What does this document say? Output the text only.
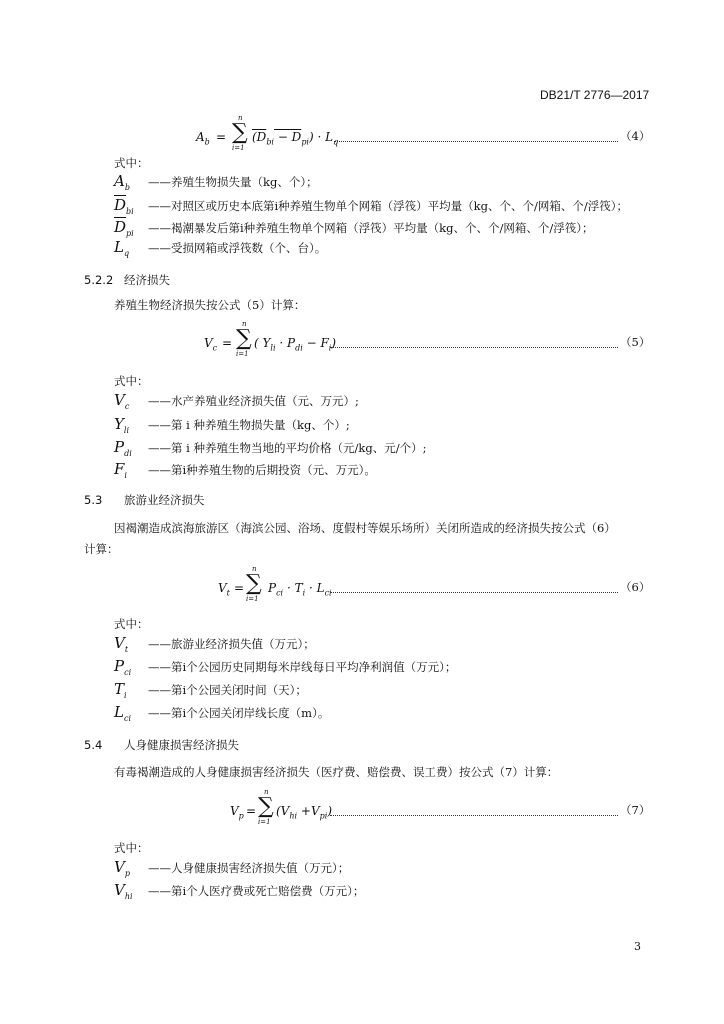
DB21/T 2776—2017
$A_b$ = ∑
n
i=1
$(D_{bi} - D_{pi}) \cdot L_q$	（4）
式中：
$A_b$ ——养殖生物损失量（kg、个）；
$\overline{D}_{bi}$ ——对照区或历史本底第i种养殖生物单个网箱（浮筏）平均量（kg、个、个/网箱、个/浮筏）；
$\overline{D}_{pi}$ ——褐潮暴发后第i种养殖生物单个网箱（浮筏）平均量（kg、个、个/网箱、个/浮筏）；
$L_q$ ——受损网箱或浮筏数（个、台）。
5.2.2 经济损失
养殖生物经济损失按公式（5）计算：
$V_c$ = ∑
n
i=1
( $Y_{li} \cdot P_{di} - F_i$)	（5）
式中：
$V_c$ ——水产养殖业经济损失值（元、万元）;
$Y_{li}$ ——第 i 种养殖生物损失量（kg、个）;
$P_{di}$ ——第 i 种养殖生物当地的平均价格（元/kg、元/个）;
$F_i$ ——第i种养殖生物的后期投资（元、万元）。
5.3 旅游业经济损失
因褐潮造成滨海旅游区（海滨公园、浴场、度假村等娱乐场所）关闭所造成的经济损失按公式（6）
计算：
$V_t$ = ∑
n
i=1
$P_{ci} \cdot T_i \cdot L_{ci}$	（6）
式中：
$V_t$ ——旅游业经济损失值（万元）；
$P_{ci}$ ——第i个公园历史同期每米岸线每日平均净利润值（万元）；
$T_i$ ——第i个公园关闭时间（天）；
$L_{ci}$ ——第i个公园关闭岸线长度（m）。
5.4 人身健康损害经济损失
有毒褐潮造成的人身健康损害经济损失（医疗费、赔偿费、误工费）按公式（7）计算：
$V_p$ = ∑
n
i=1
$(V_{hi} +V_{pi})$	（7）
式中：
$V_p$ ——人身健康损害经济损失值（万元）；
$V_{hi}$ ——第i个人医疗费或死亡赔偿费（万元）；
3
